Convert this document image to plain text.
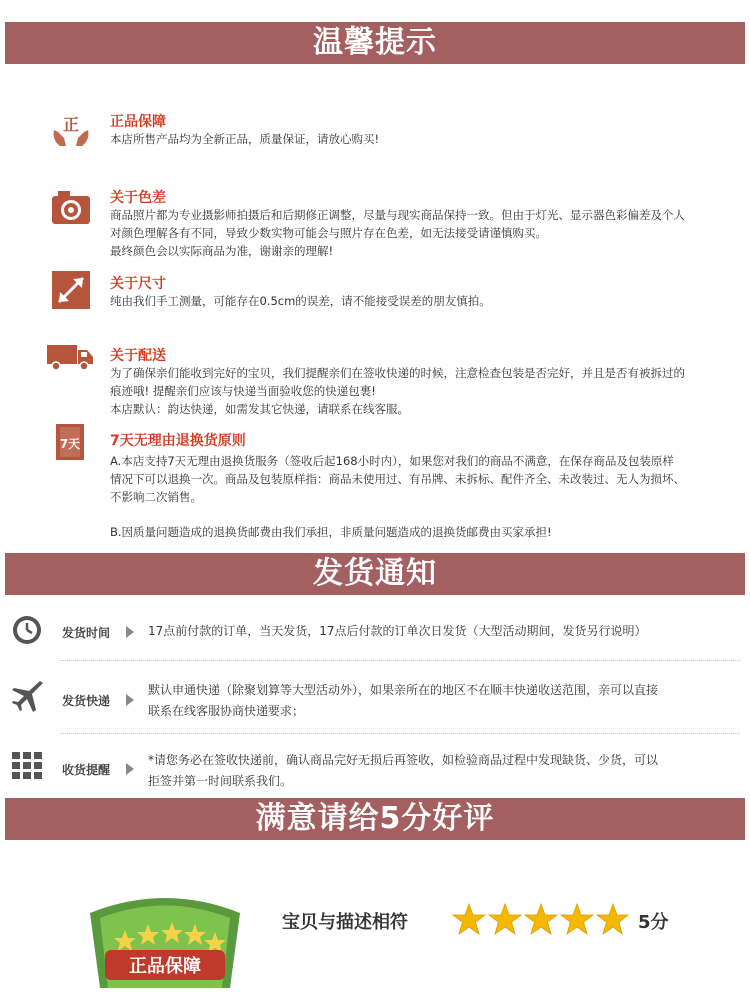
温馨提示
正 正品保障
本店所售产品均为全新正品，质量保证，请放心购买!
关于色差
商品照片都为专业摄影师拍摄后和后期修正调整，尽量与现实商品保持一致。但由于灯光、显示器色彩偏差及个人
对颜色理解各有不同，导致少数实物可能会与照片存在色差，如无法接受请谨慎购买。
最终颜色会以实际商品为准，谢谢亲的理解!
关于尺寸
纯由我们手工测量，可能存在0.5cm的误差，请不能接受误差的朋友慎拍。
关于配送
为了确保亲们能收到完好的宝贝，我们提醒亲们在签收快递的时候，注意检查包装是否完好，并且是否有被拆过的
痕迹哦! 提醒亲们应该与快递当面验收您的快递包裹!
本店默认：韵达快递，如需发其它快递，请联系在线客服。
7天 7天无理由退换货原则
A.本店支持7天无理由退换货服务（签收后起168小时内），如果您对我们的商品不满意，在保存商品及包装原样
情况下可以退换一次。商品及包装原样指：商品未使用过、有吊牌、未拆标、配件齐全、未改装过、无人为损坏、
不影响二次销售。
B.因质量问题造成的退换货邮费由我们承担，非质量问题造成的退换货邮费由买家承担!
发货通知
发货时间	17点前付款的订单，当天发货，17点后付款的订单次日发货（大型活动期间，发货另行说明）
发货快递
默认申通快递（除聚划算等大型活动外），如果亲所在的地区不在顺丰快递收送范围，亲可以直接
联系在线客服协商快递要求；
收货提醒
*请您务必在签收快递前，确认商品完好无损后再签收，如检验商品过程中发现缺货、少货，可以
拒签并第一时间联系我们。
满意请给5分好评
正品保障
宝贝与描述相符	5分
